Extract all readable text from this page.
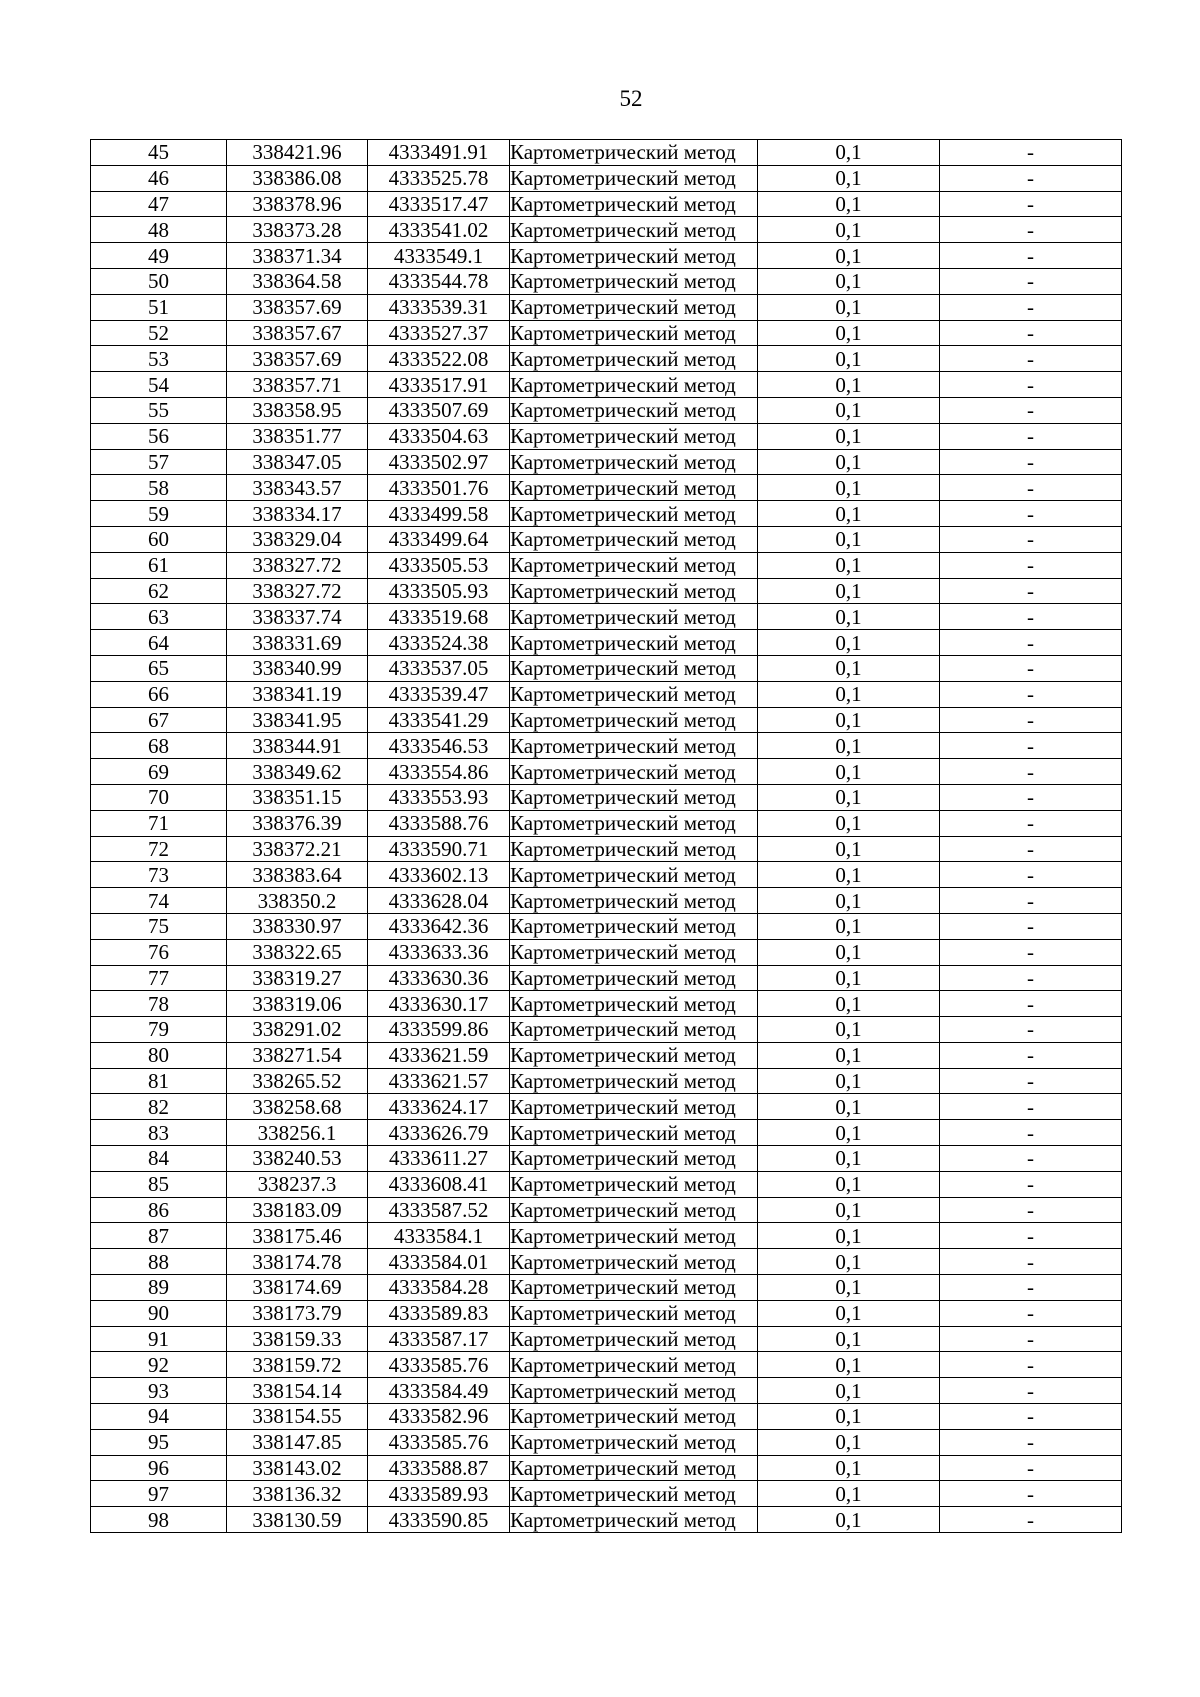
52
45	338421.96	4333491.91	Картометрический метод	0,1	-
46	338386.08	4333525.78	Картометрический метод	0,1	-
47	338378.96	4333517.47	Картометрический метод	0,1	-
48	338373.28	4333541.02	Картометрический метод	0,1	-
49	338371.34	4333549.1	Картометрический метод	0,1	-
50	338364.58	4333544.78	Картометрический метод	0,1	-
51	338357.69	4333539.31	Картометрический метод	0,1	-
52	338357.67	4333527.37	Картометрический метод	0,1	-
53	338357.69	4333522.08	Картометрический метод	0,1	-
54	338357.71	4333517.91	Картометрический метод	0,1	-
55	338358.95	4333507.69	Картометрический метод	0,1	-
56	338351.77	4333504.63	Картометрический метод	0,1	-
57	338347.05	4333502.97	Картометрический метод	0,1	-
58	338343.57	4333501.76	Картометрический метод	0,1	-
59	338334.17	4333499.58	Картометрический метод	0,1	-
60	338329.04	4333499.64	Картометрический метод	0,1	-
61	338327.72	4333505.53	Картометрический метод	0,1	-
62	338327.72	4333505.93	Картометрический метод	0,1	-
63	338337.74	4333519.68	Картометрический метод	0,1	-
64	338331.69	4333524.38	Картометрический метод	0,1	-
65	338340.99	4333537.05	Картометрический метод	0,1	-
66	338341.19	4333539.47	Картометрический метод	0,1	-
67	338341.95	4333541.29	Картометрический метод	0,1	-
68	338344.91	4333546.53	Картометрический метод	0,1	-
69	338349.62	4333554.86	Картометрический метод	0,1	-
70	338351.15	4333553.93	Картометрический метод	0,1	-
71	338376.39	4333588.76	Картометрический метод	0,1	-
72	338372.21	4333590.71	Картометрический метод	0,1	-
73	338383.64	4333602.13	Картометрический метод	0,1	-
74	338350.2	4333628.04	Картометрический метод	0,1	-
75	338330.97	4333642.36	Картометрический метод	0,1	-
76	338322.65	4333633.36	Картометрический метод	0,1	-
77	338319.27	4333630.36	Картометрический метод	0,1	-
78	338319.06	4333630.17	Картометрический метод	0,1	-
79	338291.02	4333599.86	Картометрический метод	0,1	-
80	338271.54	4333621.59	Картометрический метод	0,1	-
81	338265.52	4333621.57	Картометрический метод	0,1	-
82	338258.68	4333624.17	Картометрический метод	0,1	-
83	338256.1	4333626.79	Картометрический метод	0,1	-
84	338240.53	4333611.27	Картометрический метод	0,1	-
85	338237.3	4333608.41	Картометрический метод	0,1	-
86	338183.09	4333587.52	Картометрический метод	0,1	-
87	338175.46	4333584.1	Картометрический метод	0,1	-
88	338174.78	4333584.01	Картометрический метод	0,1	-
89	338174.69	4333584.28	Картометрический метод	0,1	-
90	338173.79	4333589.83	Картометрический метод	0,1	-
91	338159.33	4333587.17	Картометрический метод	0,1	-
92	338159.72	4333585.76	Картометрический метод	0,1	-
93	338154.14	4333584.49	Картометрический метод	0,1	-
94	338154.55	4333582.96	Картометрический метод	0,1	-
95	338147.85	4333585.76	Картометрический метод	0,1	-
96	338143.02	4333588.87	Картометрический метод	0,1	-
97	338136.32	4333589.93	Картометрический метод	0,1	-
98	338130.59	4333590.85	Картометрический метод	0,1	-
